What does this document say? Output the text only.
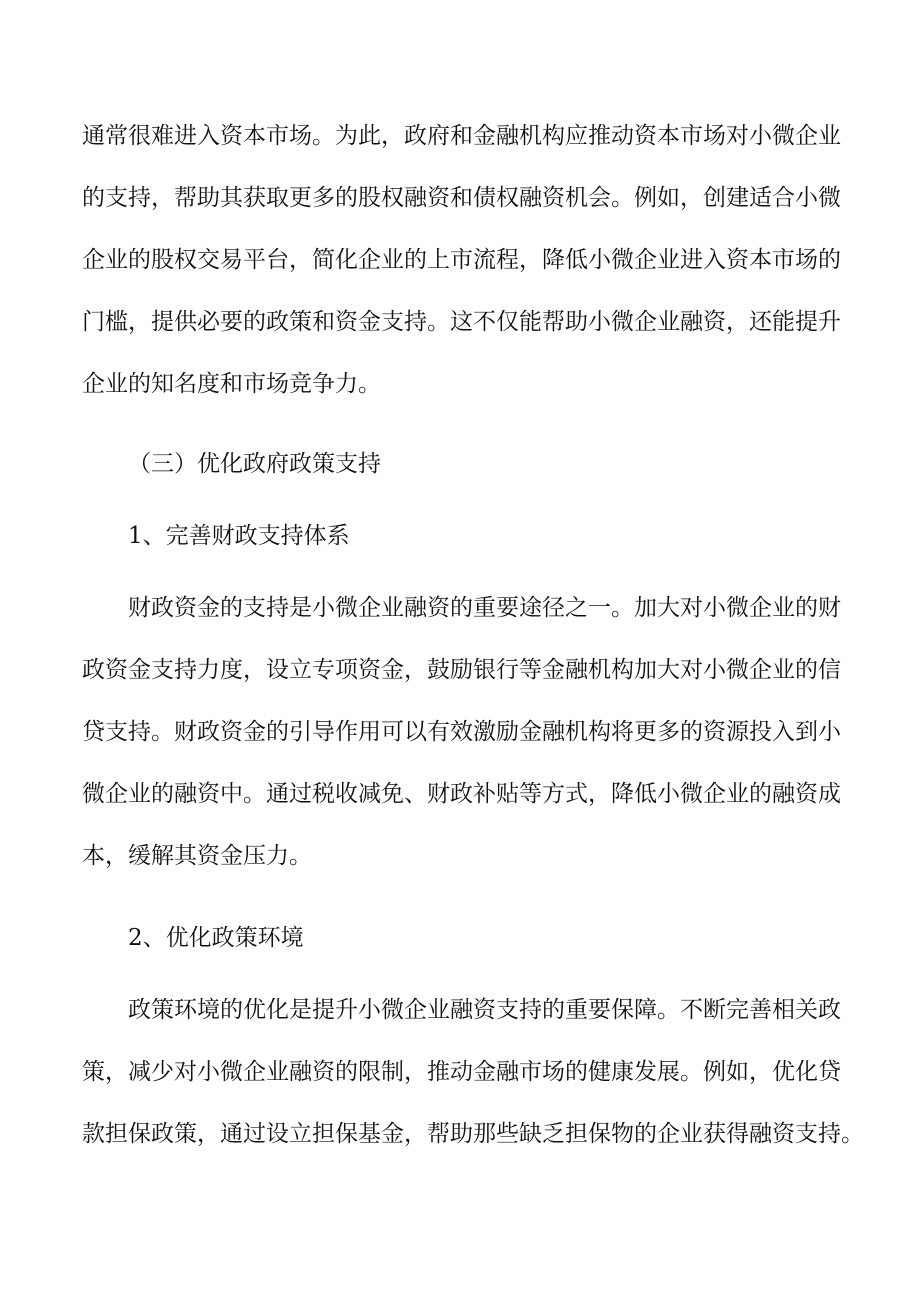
通常很难进入资本市场。为此，政府和金融机构应推动资本市场对小微企业
的支持，帮助其获取更多的股权融资和债权融资机会。例如，创建适合小微
企业的股权交易平台，简化企业的上市流程，降低小微企业进入资本市场的
门槛，提供必要的政策和资金支持。这不仅能帮助小微企业融资，还能提升
企业的知名度和市场竞争力。
（三）优化政府政策支持
1、完善财政支持体系
财政资金的支持是小微企业融资的重要途径之一。加大对小微企业的财
政资金支持力度，设立专项资金，鼓励银行等金融机构加大对小微企业的信
贷支持。财政资金的引导作用可以有效激励金融机构将更多的资源投入到小
微企业的融资中。通过税收减免、财政补贴等方式，降低小微企业的融资成
本，缓解其资金压力。
2、优化政策环境
政策环境的优化是提升小微企业融资支持的重要保障。不断完善相关政
策，减少对小微企业融资的限制，推动金融市场的健康发展。例如，优化贷
款担保政策，通过设立担保基金，帮助那些缺乏担保物的企业获得融资支持。
